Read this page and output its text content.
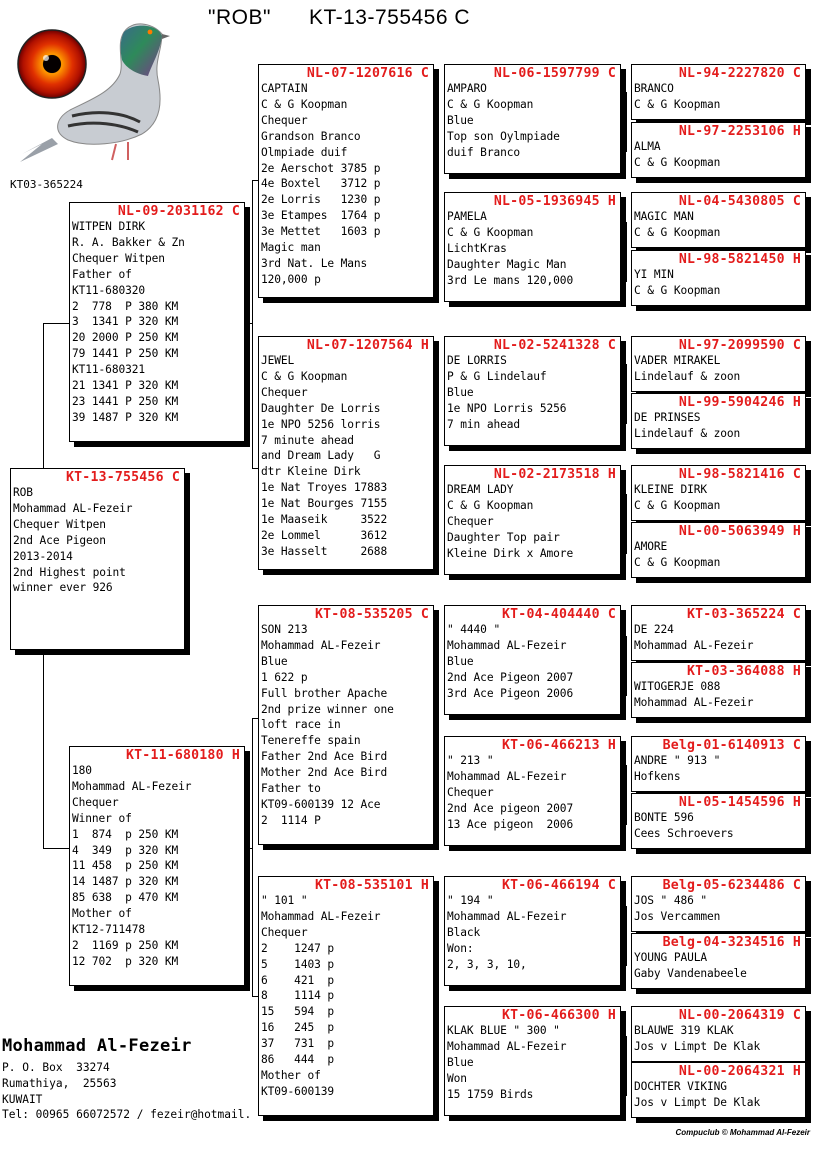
"ROB" KT-13-755456 C
KT03-365224
KT-13-755456 C
ROB
Mohammad AL-Fezeir
Chequer Witpen
2nd Ace Pigeon
2013-2014
2nd Highest point
winner ever 926
NL-09-2031162 C
WITPEN DIRK
R. A. Bakker & Zn
Chequer Witpen
Father of
KT11-680320
2  778  P 380 KM
3  1341 P 320 KM
20 2000 P 250 KM
79 1441 P 250 KM
KT11-680321
21 1341 P 320 KM
23 1441 P 250 KM
39 1487 P 320 KM
KT-11-680180 H
180
Mohammad AL-Fezeir
Chequer
Winner of
1  874  p 250 KM
4  349  p 320 KM
11 458  p 250 KM
14 1487 p 320 KM
85 638  p 470 KM
Mother of
KT12-711478
2  1169 p 250 KM
12 702  p 320 KM
NL-07-1207616 C
CAPTAIN
C & G Koopman
Chequer
Grandson Branco
Olmpiade duif
2e Aerschot 3785 p
4e Boxtel   3712 p
2e Lorris   1230 p
3e Etampes  1764 p
3e Mettet   1603 p
Magic man
3rd Nat. Le Mans
120,000 p
NL-07-1207564 H
JEWEL
C & G Koopman
Chequer
Daughter De Lorris
1e NPO 5256 lorris
7 minute ahead
and Dream Lady   G
dtr Kleine Dirk
1e Nat Troyes 17883
1e Nat Bourges 7155
1e Maaseik     3522
2e Lommel      3612
3e Hasselt     2688
KT-08-535205 C
SON 213
Mohammad AL-Fezeir
Blue
1 622 p
Full brother Apache
2nd prize winner one
loft race in
Tenereffe spain
Father 2nd Ace Bird
Mother 2nd Ace Bird
Father to
KT09-600139 12 Ace
2  1114 P
KT-08-535101 H
" 101 "
Mohammad AL-Fezeir
Chequer
2    1247 p
5    1403 p
6    421  p
8    1114 p
15   594  p
16   245  p
37   731  p
86   444  p
Mother of
KT09-600139
NL-06-1597799 C
AMPARO
C & G Koopman
Blue
Top son Oylmpiade
duif Branco
NL-05-1936945 H
PAMELA
C & G Koopman
LichtKras
Daughter Magic Man
3rd Le mans 120,000
NL-02-5241328 C
DE LORRIS
P & G Lindelauf
Blue
1e NPO Lorris 5256
7 min ahead
NL-02-2173518 H
DREAM LADY
C & G Koopman
Chequer
Daughter Top pair
Kleine Dirk x Amore
KT-04-404440 C
" 4440 "
Mohammad AL-Fezeir
Blue
2nd Ace Pigeon 2007
3rd Ace Pigeon 2006
KT-06-466213 H
" 213 "
Mohammad AL-Fezeir
Chequer
2nd Ace pigeon 2007
13 Ace pigeon  2006
KT-06-466194 C
" 194 "
Mohammad AL-Fezeir
Black
Won:
2, 3, 3, 10,
KT-06-466300 H
KLAK BLUE " 300 "
Mohammad AL-Fezeir
Blue
Won
15 1759 Birds
NL-94-2227820 C
BRANCO
C & G Koopman
NL-97-2253106 H
ALMA
C & G Koopman
NL-04-5430805 C
MAGIC MAN
C & G Koopman
NL-98-5821450 H
YI MIN
C & G Koopman
NL-97-2099590 C
VADER MIRAKEL
Lindelauf & zoon
NL-99-5904246 H
DE PRINSES
Lindelauf & zoon
NL-98-5821416 C
KLEINE DIRK
C & G Koopman
NL-00-5063949 H
AMORE
C & G Koopman
KT-03-365224 C
DE 224
Mohammad AL-Fezeir
KT-03-364088 H
WITOGERJE 088
Mohammad AL-Fezeir
Belg-01-6140913 C
ANDRE " 913 "
Hofkens
NL-05-1454596 H
BONTE 596
Cees Schroevers
Belg-05-6234486 C
JOS " 486 "
Jos Vercammen
Belg-04-3234516 H
YOUNG PAULA
Gaby Vandenabeele
NL-00-2064319 C
BLAUWE 319 KLAK
Jos v Limpt De Klak
NL-00-2064321 H
DOCHTER VIKING
Jos v Limpt De Klak
Mohammad Al-Fezeir
P. O. Box  33274
Rumathiya,  25563
KUWAIT
Tel: 00965 66072572 / fezeir@hotmail.
Compuclub © Mohammad Al-Fezeir
